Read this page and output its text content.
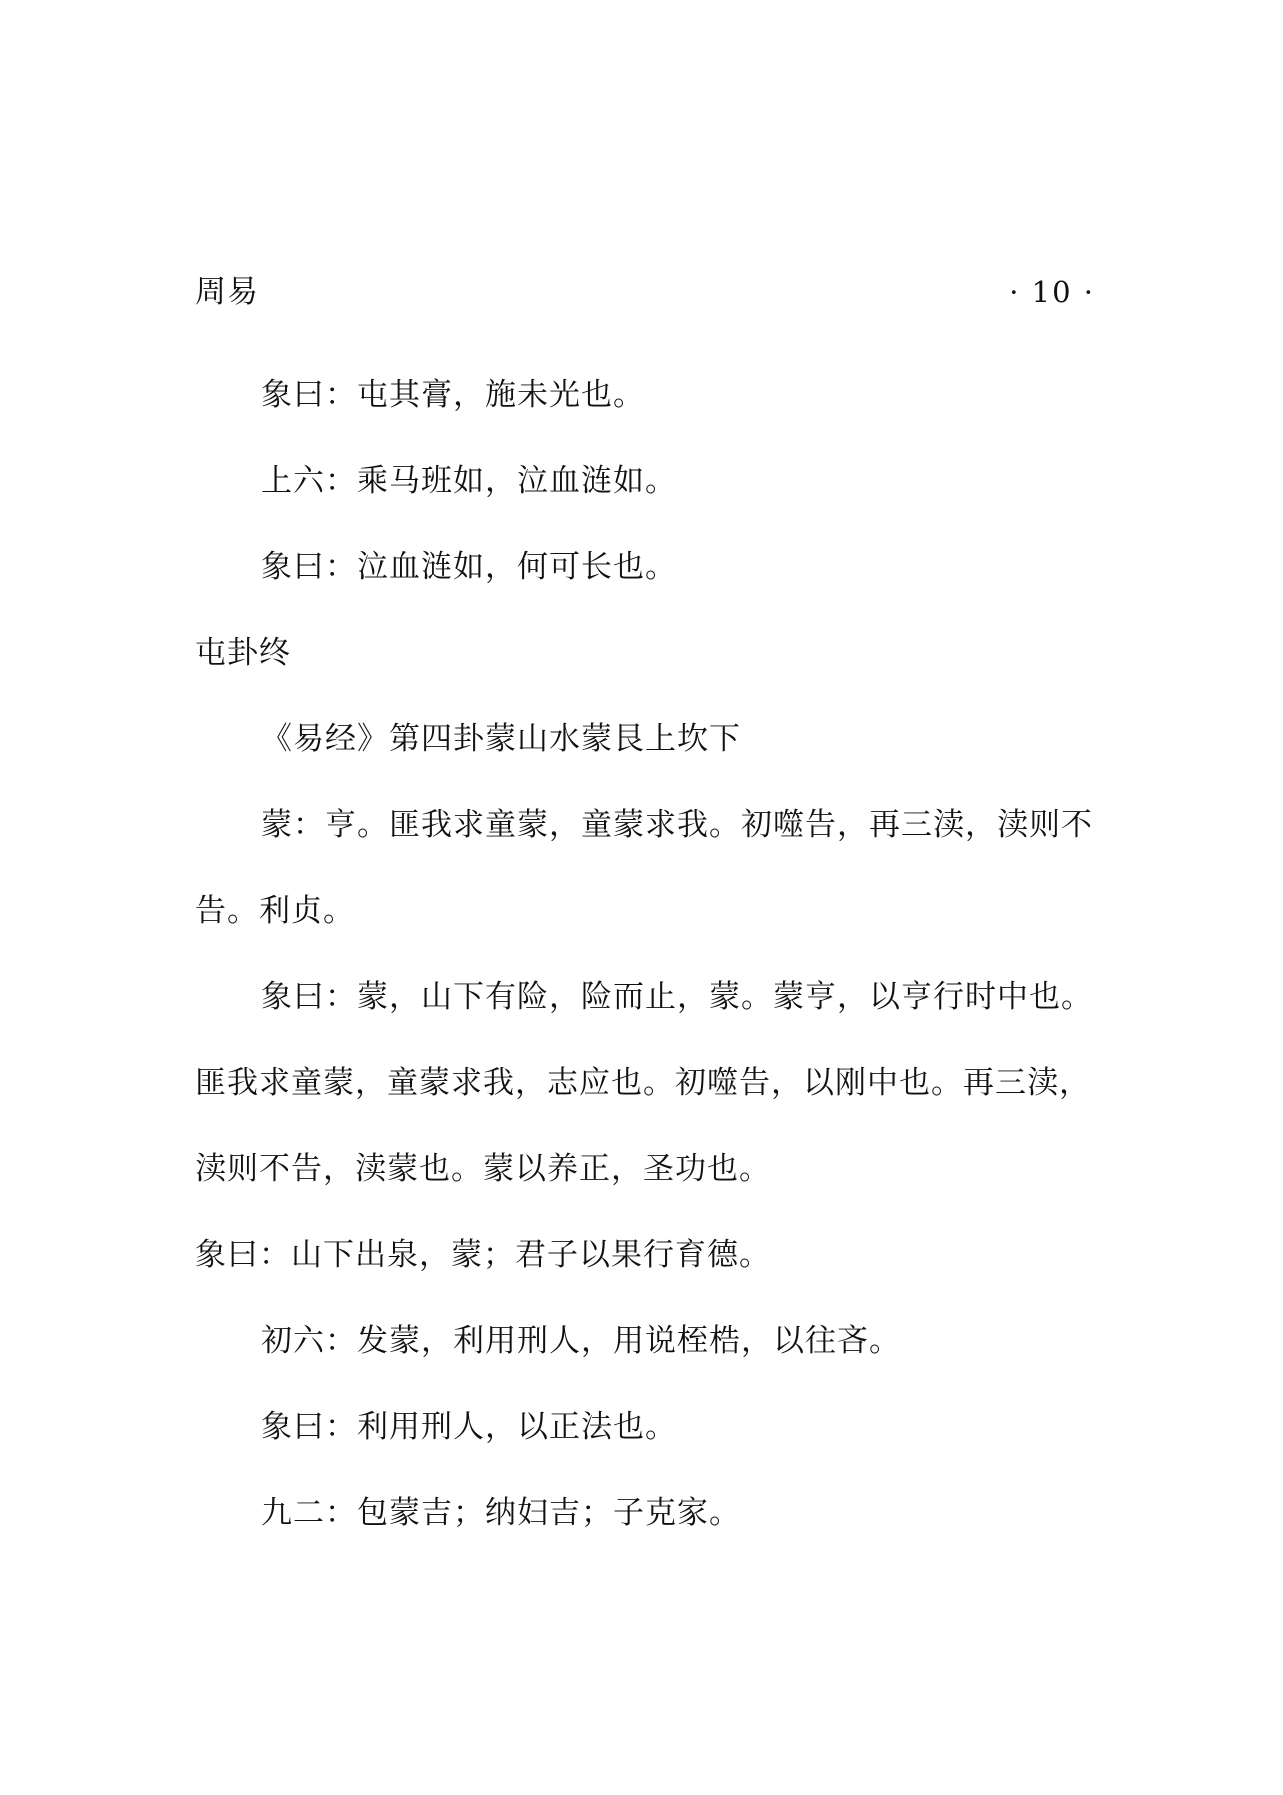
周易	· 10 ·

象曰：屯其膏，施未光也。

上六：乘马班如，泣血涟如。

象曰：泣血涟如，何可长也。

屯卦终

《易经》第四卦蒙山水蒙艮上坎下

蒙：亨。匪我求童蒙，童蒙求我。初噬告，再三渎，渎则不告。利贞。

象曰：蒙，山下有险，险而止，蒙。蒙亨，以亨行时中也。匪我求童蒙，童蒙求我，志应也。初噬告，以刚中也。再三渎，渎则不告，渎蒙也。蒙以养正，圣功也。

象曰：山下出泉，蒙；君子以果行育德。

初六：发蒙，利用刑人，用说桎梏，以往吝。

象曰：利用刑人，以正法也。

九二：包蒙吉；纳妇吉；子克家。
